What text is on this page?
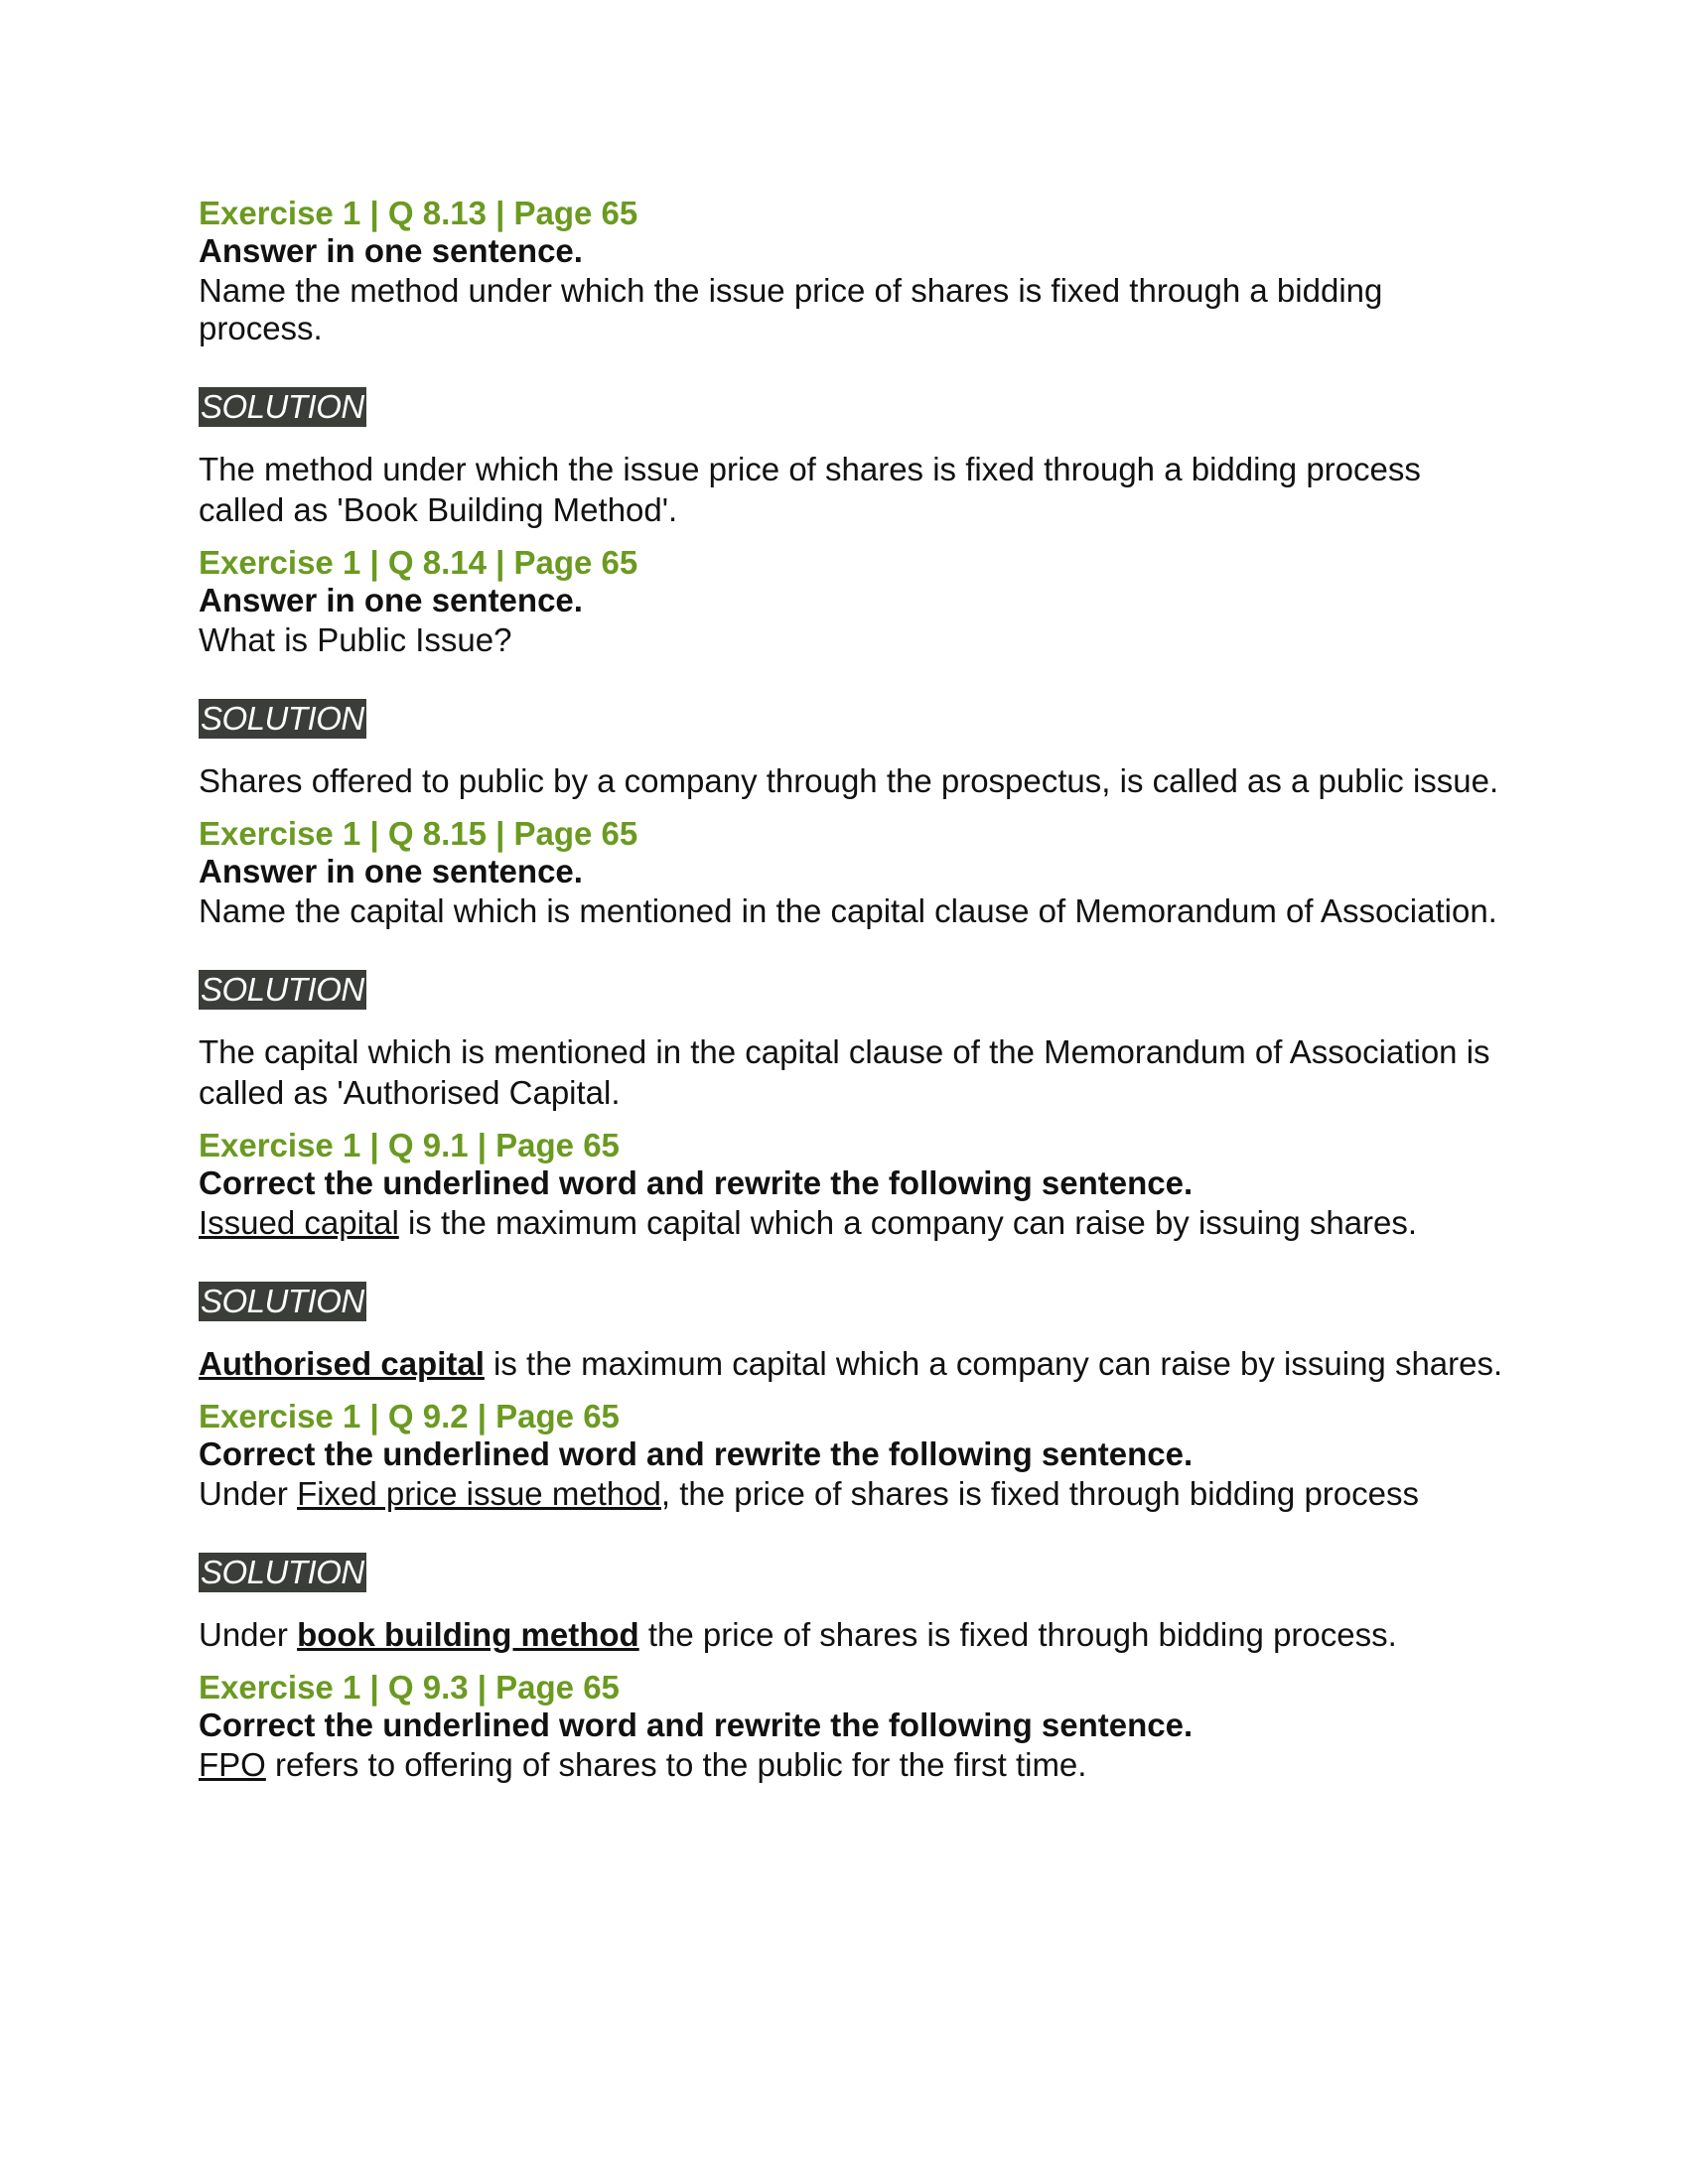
Exercise 1 | Q 8.13 | Page 65

Answer in one sentence.

Name the method under which the issue price of shares is fixed through a bidding process.

SOLUTION

The method under which the issue price of shares is fixed through a bidding process called as 'Book Building Method'.

Exercise 1 | Q 8.14 | Page 65

Answer in one sentence.

What is Public Issue?

SOLUTION

Shares offered to public by a company through the prospectus, is called as a public issue.

Exercise 1 | Q 8.15 | Page 65

Answer in one sentence.

Name the capital which is mentioned in the capital clause of Memorandum of Association.

SOLUTION

The capital which is mentioned in the capital clause of the Memorandum of Association is called as 'Authorised Capital.

Exercise 1 | Q 9.1 | Page 65

Correct the underlined word and rewrite the following sentence.

Issued capital is the maximum capital which a company can raise by issuing shares.

SOLUTION

Authorised capital is the maximum capital which a company can raise by issuing shares.

Exercise 1 | Q 9.2 | Page 65

Correct the underlined word and rewrite the following sentence.

Under Fixed price issue method, the price of shares is fixed through bidding process

SOLUTION

Under book building method the price of shares is fixed through bidding process.

Exercise 1 | Q 9.3 | Page 65

Correct the underlined word and rewrite the following sentence.

FPO refers to offering of shares to the public for the first time.
